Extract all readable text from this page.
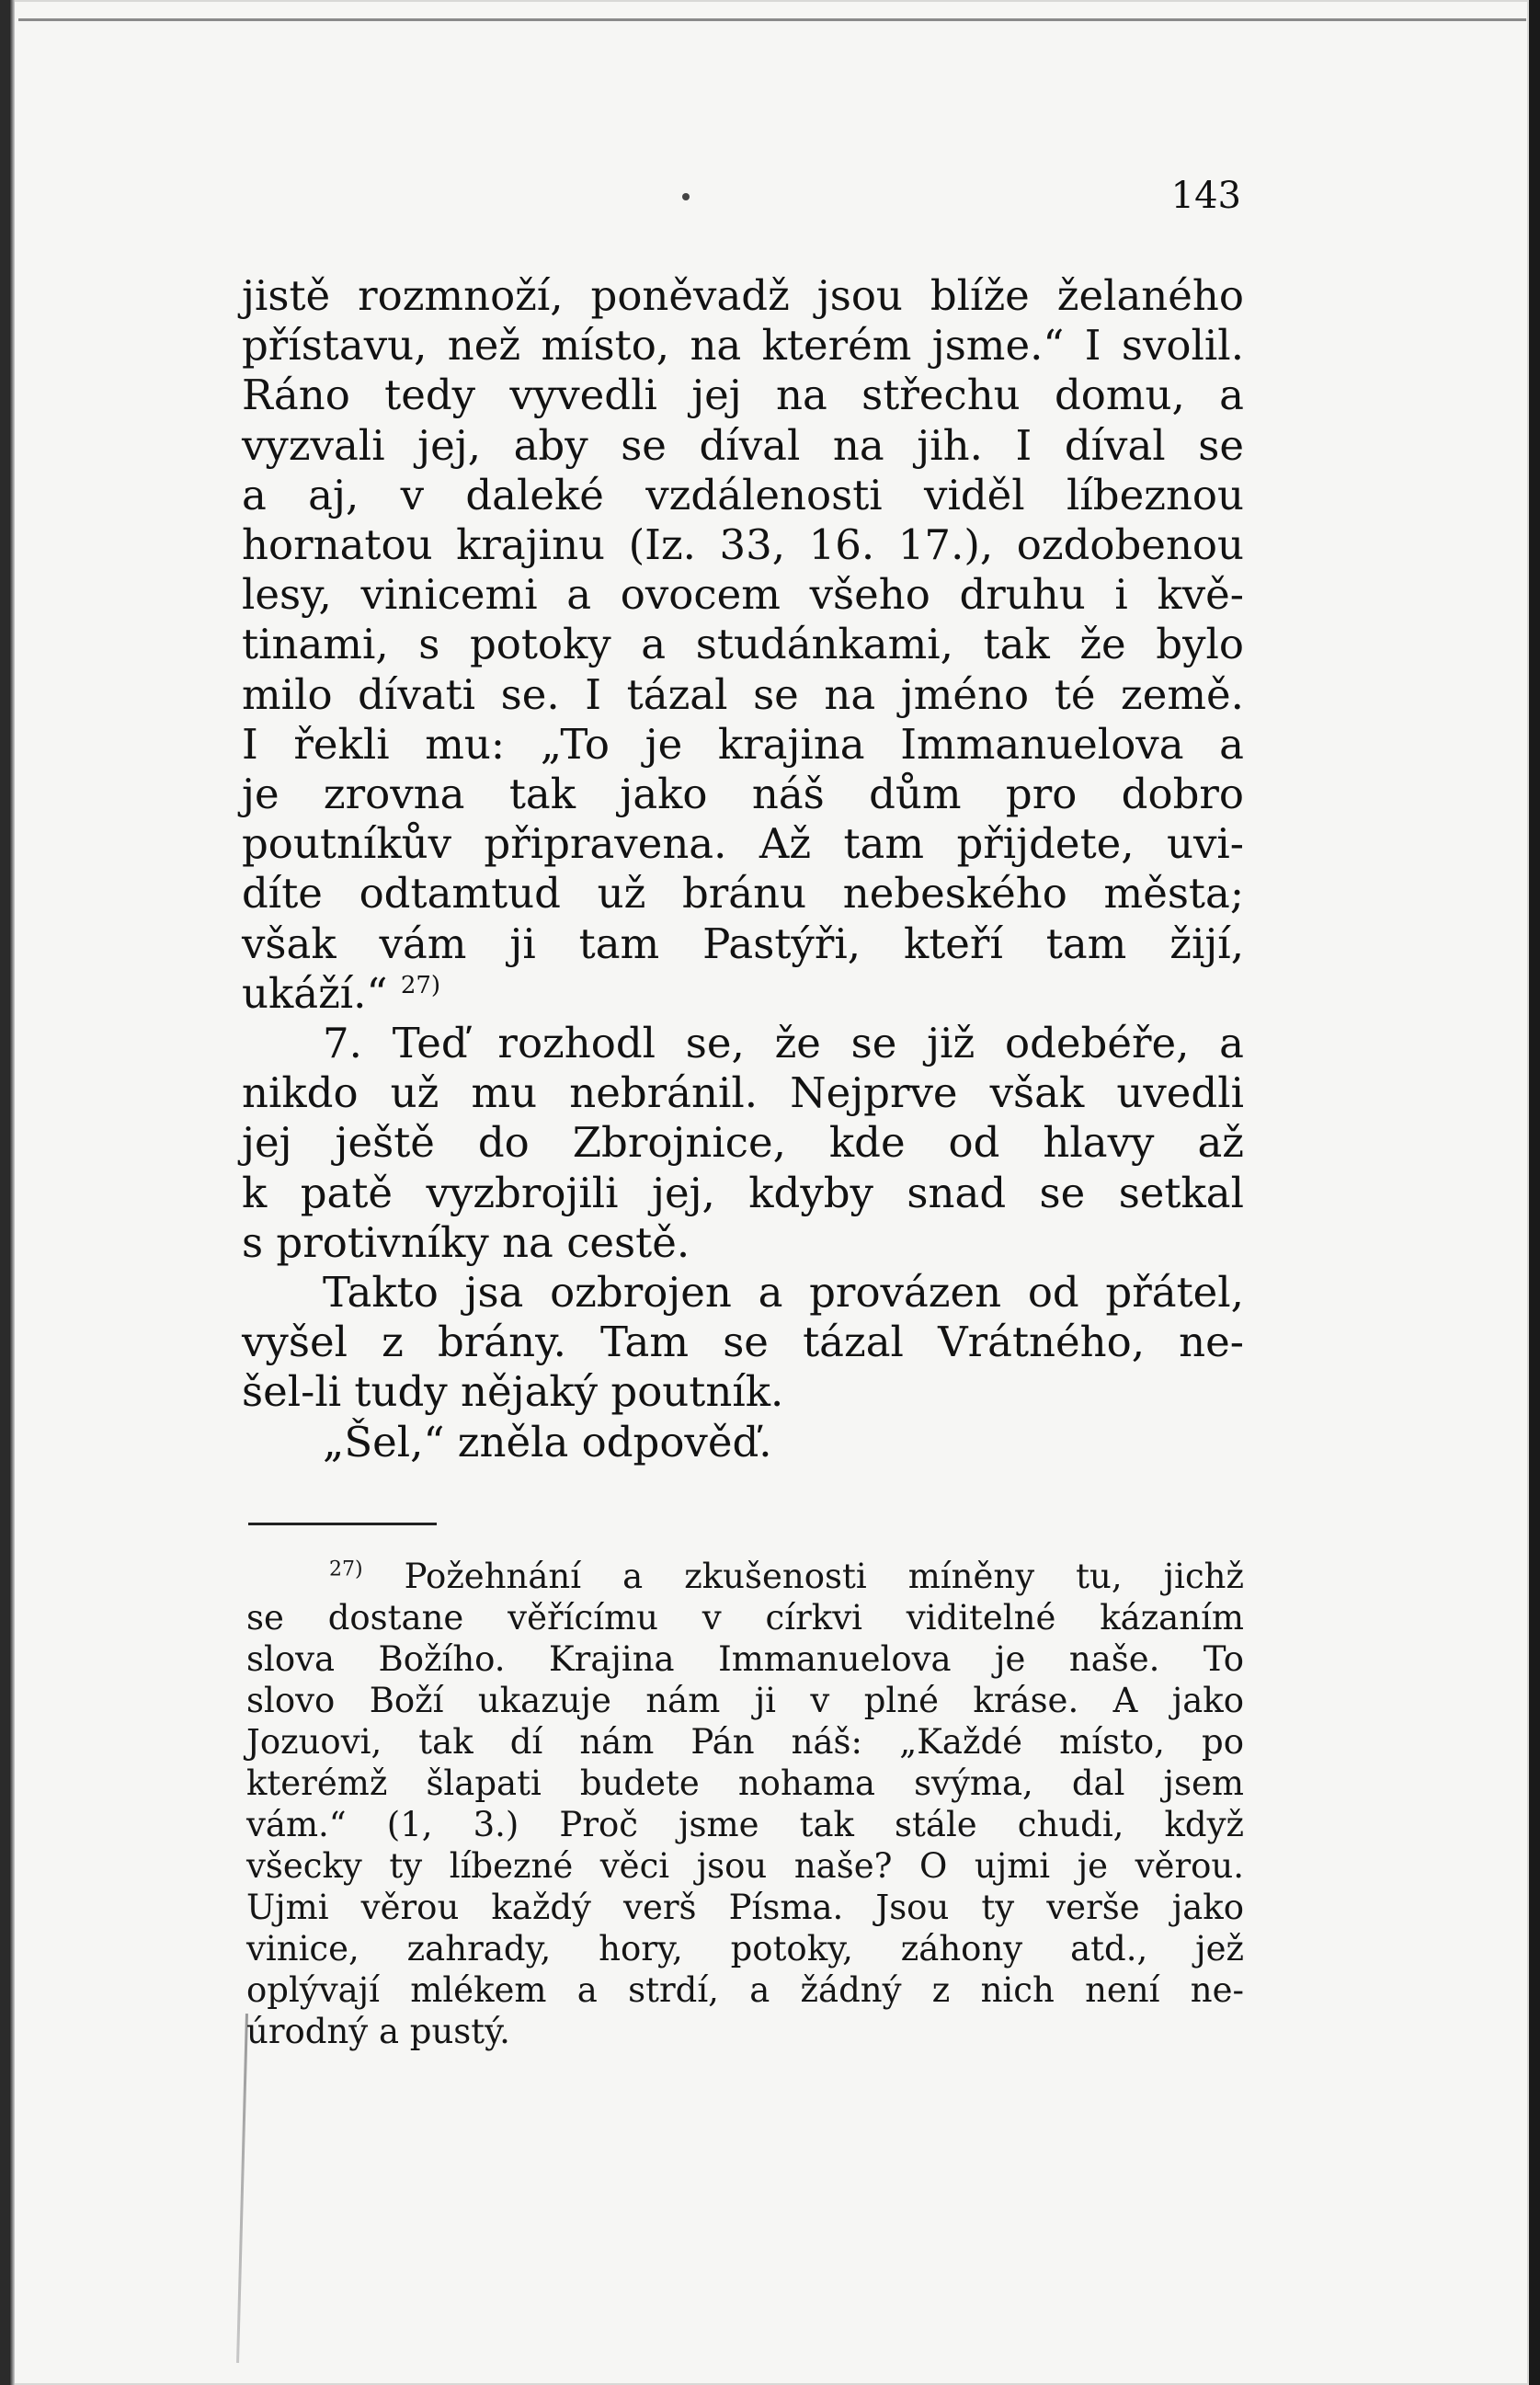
143
jistě rozmnoží, poněvadž jsou blíže želaného
přístavu, než místo, na kterém jsme.“ I svolil.
Ráno tedy vyvedli jej na střechu domu, a
vyzvali jej, aby se díval na jih. I díval se
a aj, v daleké vzdálenosti viděl líbeznou
hornatou krajinu (Iz. 33, 16. 17.), ozdobenou
lesy, vinicemi a ovocem všeho druhu i kvě-
tinami, s potoky a studánkami, tak že bylo
milo dívati se. I tázal se na jméno té země.
I řekli mu: „To je krajina Immanuelova a
je zrovna tak jako náš dům pro dobro
poutníkův připravena. Až tam přijdete, uvi-
díte odtamtud už bránu nebeského města;
však vám ji tam Pastýři, kteří tam žijí,
ukáží.“ $^{27)}$
7. Teď rozhodl se, že se již odebéře, a
nikdo už mu nebránil. Nejprve však uvedli
jej ještě do Zbrojnice, kde od hlavy až
k patě vyzbrojili jej, kdyby snad se setkal
s protivníky na cestě.
Takto jsa ozbrojen a provázen od přátel,
vyšel z brány. Tam se tázal Vrátného, ne-
šel-li tudy nějaký poutník.
„Šel,“ zněla odpověď.
$^{27)}$ Požehnání a zkušenosti míněny tu, jichž
se dostane věřícímu v církvi viditelné kázaním
slova Božího. Krajina Immanuelova je naše. To
slovo Boží ukazuje nám ji v plné kráse. A jako
Jozuovi, tak dí nám Pán náš: „Každé místo, po
kterémž šlapati budete nohama svýma, dal jsem
vám.“ (1, 3.) Proč jsme tak stále chudi, když
všecky ty líbezné věci jsou naše? O ujmi je věrou.
Ujmi věrou každý verš Písma. Jsou ty verše jako
vinice, zahrady, hory, potoky, záhony atd., jež
oplývají mlékem a strdí, a žádný z nich není ne-
úrodný a pustý.
